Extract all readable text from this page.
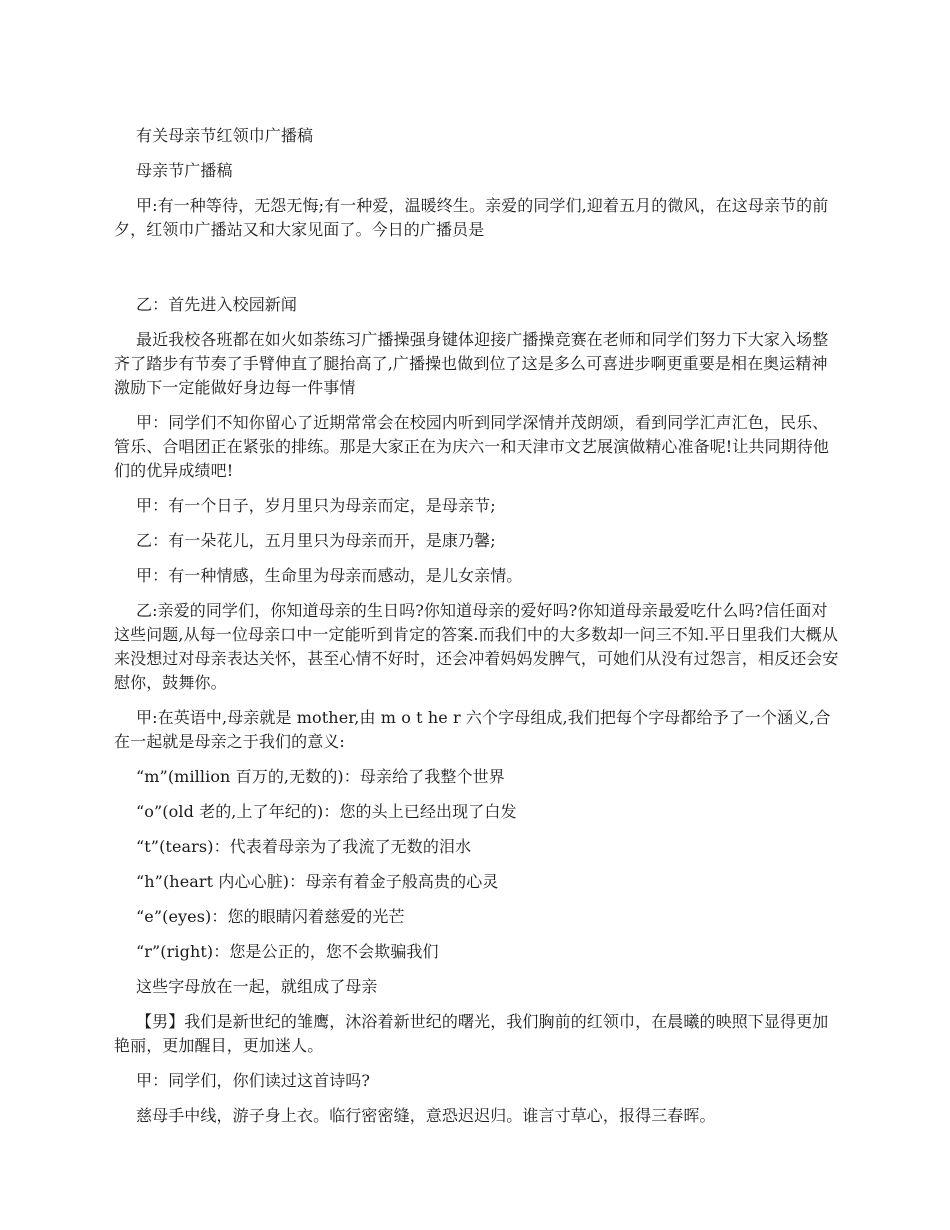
有关母亲节红领巾广播稿

母亲节广播稿

甲:有一种等待，无怨无悔;有一种爱，温暖终生。亲爱的同学们,迎着五月的微风，在这母亲节的前夕，红领巾广播站又和大家见面了。今日的广播员是

乙：首先进入校园新闻

最近我校各班都在如火如荼练习广播操强身键体迎接广播操竞赛在老师和同学们努力下大家入场整齐了踏步有节奏了手臂伸直了腿抬高了,广播操也做到位了这是多么可喜进步啊更重要是相在奥运精神激励下一定能做好身边每一件事情

甲：同学们不知你留心了近期常常会在校园内听到同学深情并茂朗颂，看到同学汇声汇色，民乐、管乐、合唱团正在紧张的排练。那是大家正在为庆六一和天津市文艺展演做精心准备呢!让共同期待他们的优异成绩吧!

甲：有一个日子，岁月里只为母亲而定，是母亲节;

乙：有一朵花儿，五月里只为母亲而开，是康乃馨;

甲：有一种情感，生命里为母亲而感动，是儿女亲情。

乙:亲爱的同学们，你知道母亲的生日吗?你知道母亲的爱好吗?你知道母亲最爱吃什么吗?信任面对这些问题,从每一位母亲口中一定能听到肯定的答案.而我们中的大多数却一问三不知.平日里我们大概从来没想过对母亲表达关怀，甚至心情不好时，还会冲着妈妈发脾气，可她们从没有过怨言，相反还会安慰你，鼓舞你。

甲:在英语中,母亲就是 mother,由 m o t he r 六个字母组成,我们把每个字母都给予了一个涵义,合在一起就是母亲之于我们的意义:

“m”(million 百万的,无数的)：母亲给了我整个世界

“o”(old 老的,上了年纪的)：您的头上已经出现了白发

“t”(tears)：代表着母亲为了我流了无数的泪水

“h”(heart 内心心脏)：母亲有着金子般高贵的心灵

“e”(eyes)：您的眼睛闪着慈爱的光芒

“r”(right)：您是公正的，您不会欺骗我们

这些字母放在一起，就组成了母亲

【男】我们是新世纪的雏鹰，沐浴着新世纪的曙光，我们胸前的红领巾，在晨曦的映照下显得更加艳丽，更加醒目，更加迷人。

甲：同学们，你们读过这首诗吗?

慈母手中线，游子身上衣。临行密密缝，意恐迟迟归。谁言寸草心，报得三春晖。
